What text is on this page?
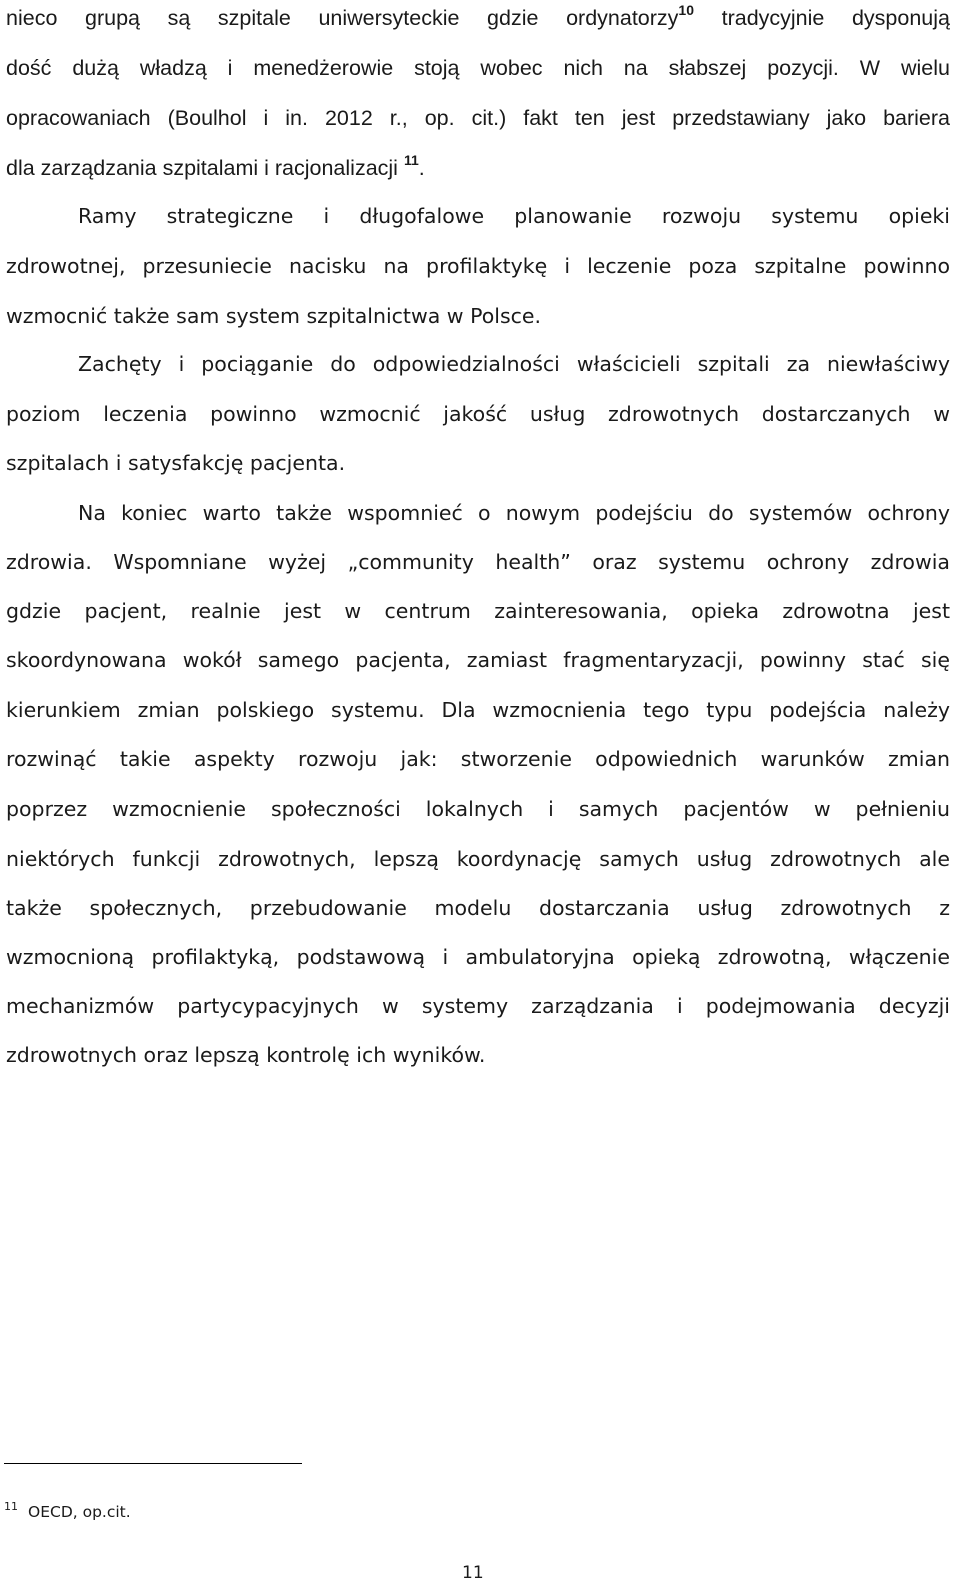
nieco grupą są szpitale uniwersyteckie gdzie ordynatorzy$^{10}$ tradycyjnie dysponują
dość dużą władzą i menedżerowie stoją wobec nich na słabszej pozycji. W wielu
opracowaniach (Boulhol i in. 2012 r., op. cit.) fakt ten jest przedstawiany jako bariera
dla zarządzania szpitalami i racjonalizacji $^{11}$.
Ramy strategiczne i długofalowe planowanie rozwoju systemu opieki
zdrowotnej, przesuniecie nacisku na profilaktykę i leczenie poza szpitalne powinno
wzmocnić także sam system szpitalnictwa w Polsce.
Zachęty i pociąganie do odpowiedzialności właścicieli szpitali za niewłaściwy
poziom leczenia powinno wzmocnić jakość usług zdrowotnych dostarczanych w
szpitalach i satysfakcję pacjenta.
Na koniec warto także wspomnieć o nowym podejściu do systemów ochrony
zdrowia. Wspomniane wyżej „community health” oraz systemu ochrony zdrowia
gdzie pacjent, realnie jest w centrum zainteresowania, opieka zdrowotna jest
skoordynowana wokół samego pacjenta, zamiast fragmentaryzacji, powinny stać się
kierunkiem zmian polskiego systemu. Dla wzmocnienia tego typu podejścia należy
rozwinąć takie aspekty rozwoju jak: stworzenie odpowiednich warunków zmian
poprzez wzmocnienie społeczności lokalnych i samych pacjentów w pełnieniu
niektórych funkcji zdrowotnych, lepszą koordynację samych usług zdrowotnych ale
także społecznych, przebudowanie modelu dostarczania usług zdrowotnych z
wzmocnioną profilaktyką, podstawową i ambulatoryjna opieką zdrowotną, włączenie
mechanizmów partycypacyjnych w systemy zarządzania i podejmowania decyzji
zdrowotnych oraz lepszą kontrolę ich wyników.
$^{11}$ OECD, op.cit.
11
